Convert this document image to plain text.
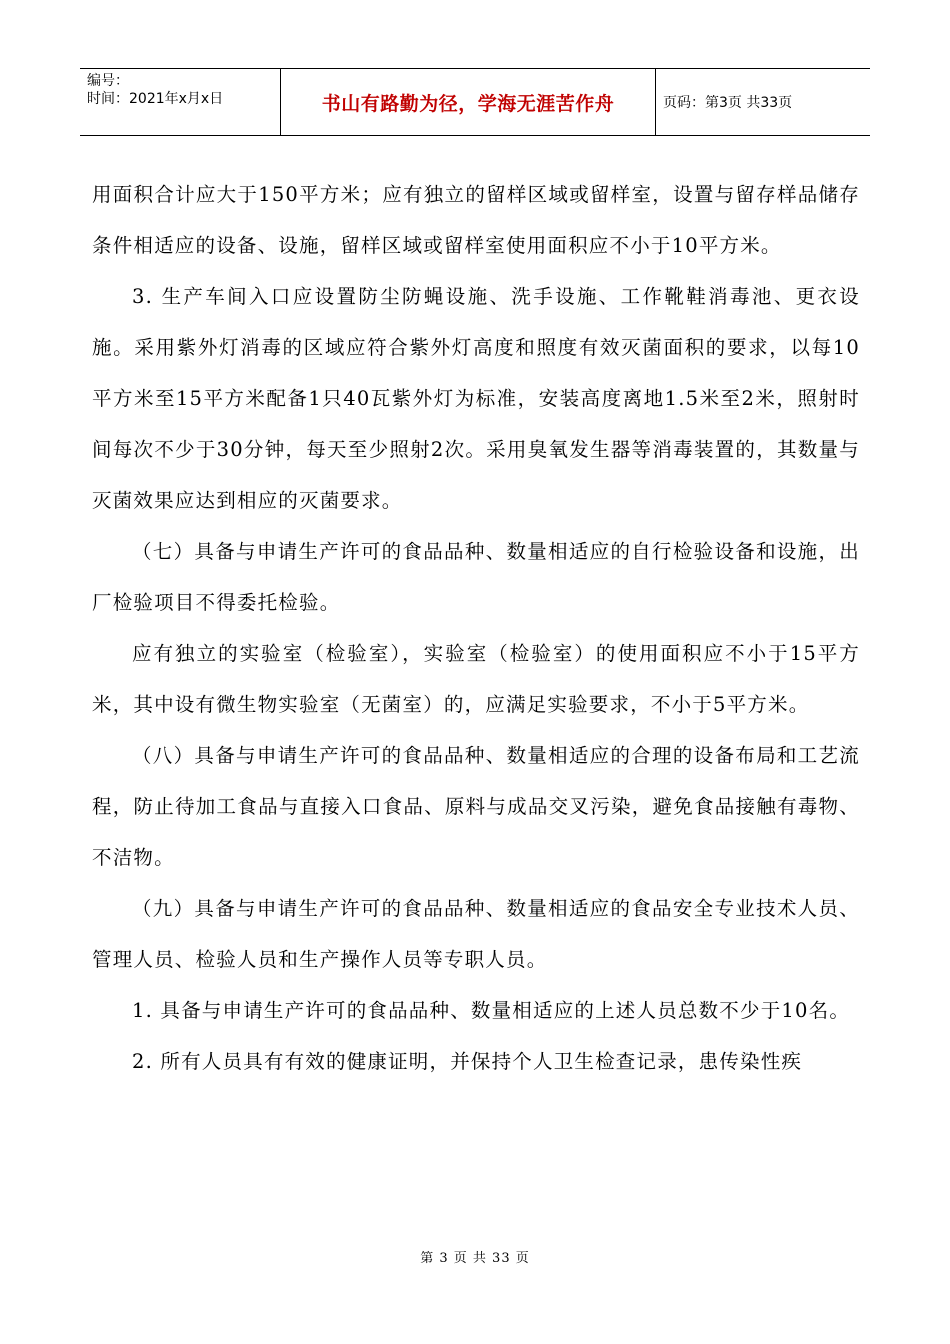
编号：
时间：2021年x月x日	书山有路勤为径，学海无涯苦作舟	页码：第3页 共33页

用面积合计应大于150平方米；应有独立的留样区域或留样室，设置与留存样品储存条件相适应的设备、设施，留样区域或留样室使用面积应不小于10平方米。

3. 生产车间入口应设置防尘防蝇设施、洗手设施、工作靴鞋消毒池、更衣设施。采用紫外灯消毒的区域应符合紫外灯高度和照度有效灭菌面积的要求，以每10平方米至15平方米配备1只40瓦紫外灯为标准，安装高度离地1.5米至2米，照射时间每次不少于30分钟，每天至少照射2次。采用臭氧发生器等消毒装置的，其数量与灭菌效果应达到相应的灭菌要求。

（七）具备与申请生产许可的食品品种、数量相适应的自行检验设备和设施，出厂检验项目不得委托检验。

应有独立的实验室（检验室），实验室（检验室）的使用面积应不小于15平方米，其中设有微生物实验室（无菌室）的，应满足实验要求，不小于5平方米。

（八）具备与申请生产许可的食品品种、数量相适应的合理的设备布局和工艺流程，防止待加工食品与直接入口食品、原料与成品交叉污染，避免食品接触有毒物、不洁物。

（九）具备与申请生产许可的食品品种、数量相适应的食品安全专业技术人员、管理人员、检验人员和生产操作人员等专职人员。

1. 具备与申请生产许可的食品品种、数量相适应的上述人员总数不少于10名。

2. 所有人员具有有效的健康证明，并保持个人卫生检查记录，患传染性疾

第 3 页 共 33 页
